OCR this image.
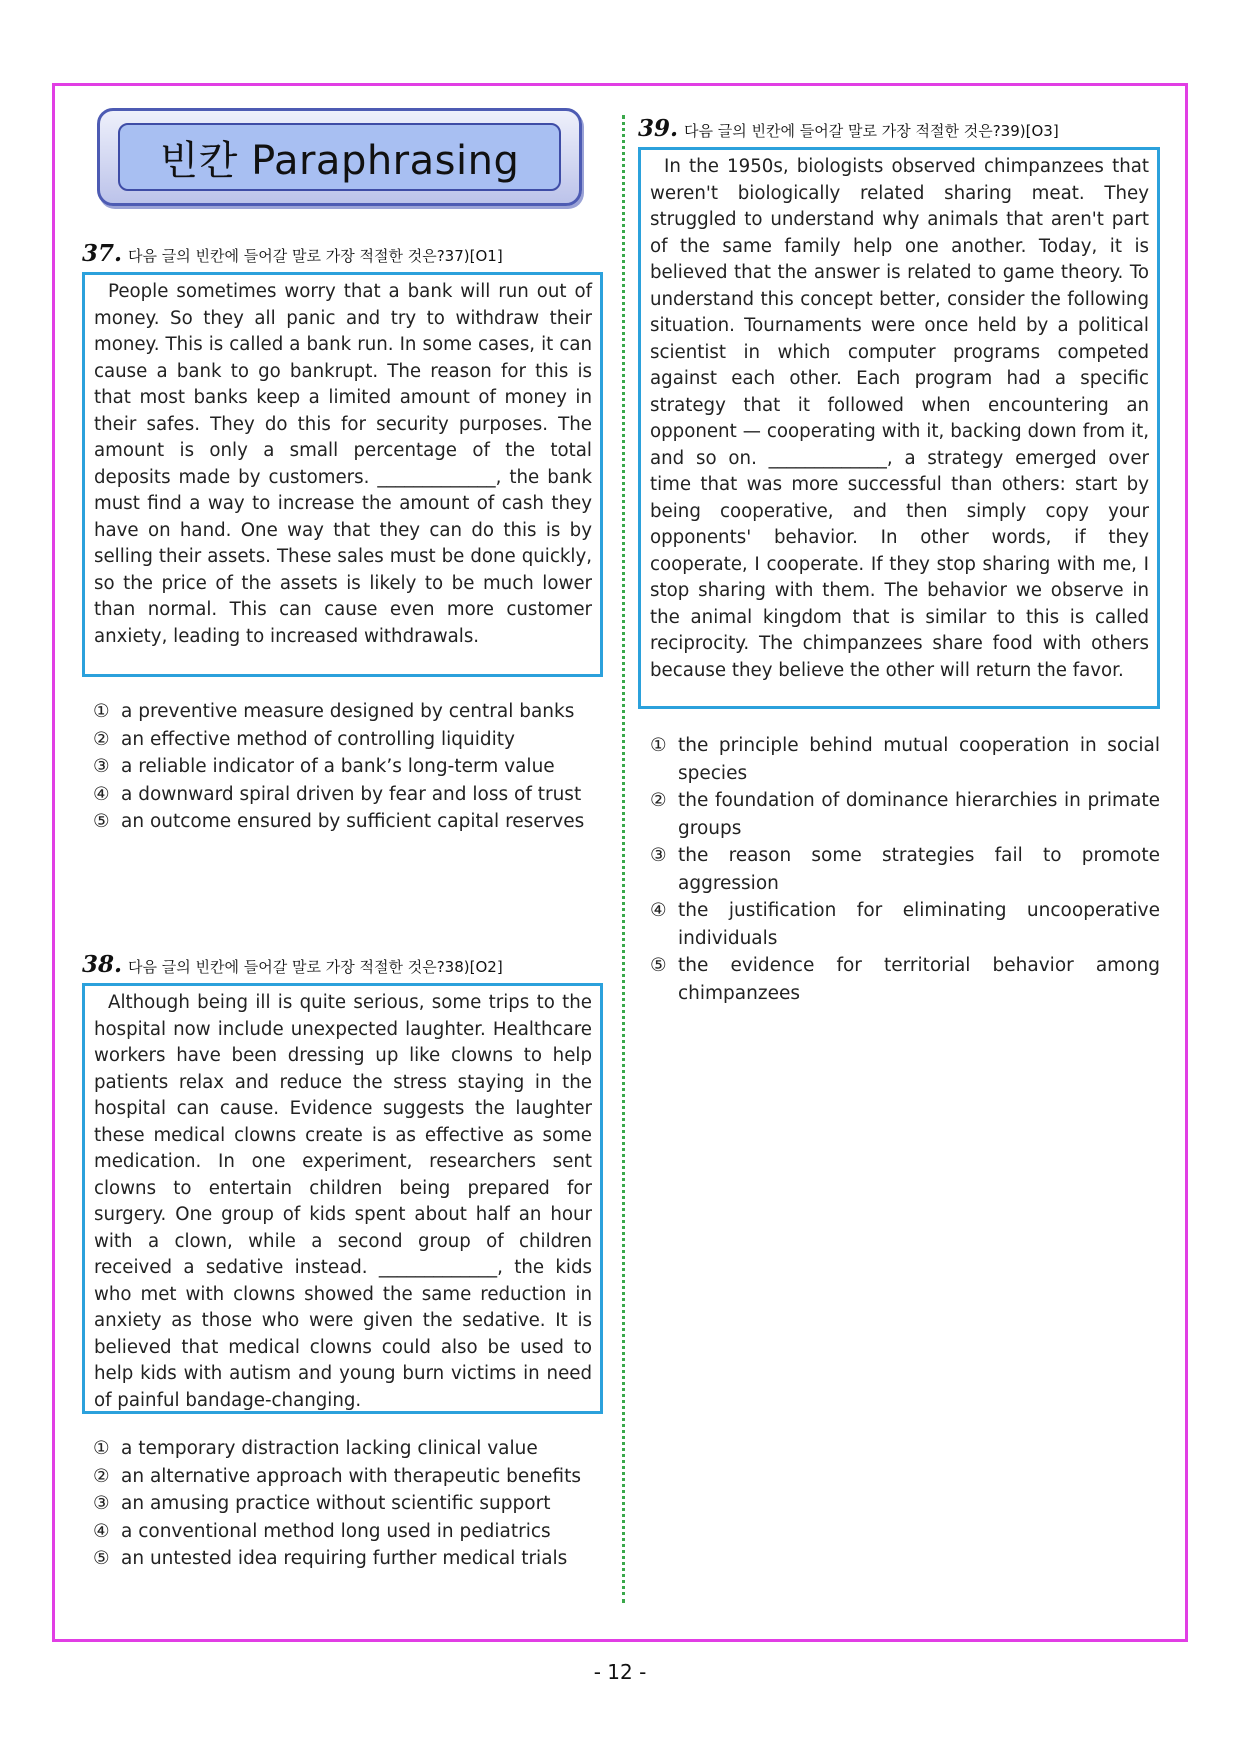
빈칸 Paraphrasing
37. 다음 글의 빈칸에 들어갈 말로 가장 적절한 것은?37)[O1]

People sometimes worry that a bank will run out of money. So they all panic and try to withdraw their money. This is called a bank run. In some cases, it can cause a bank to go bankrupt. The reason for this is that most banks keep a limited amount of money in their safes. They do this for security purposes. The amount is only a small percentage of the total deposits made by customers. _____________, the bank must find a way to increase the amount of cash they have on hand. One way that they can do this is by selling their assets. These sales must be done quickly, so the price of the assets is likely to be much lower than normal. This can cause even more customer anxiety, leading to increased withdrawals.

① a preventive measure designed by central banks
② an effective method of controlling liquidity
③ a reliable indicator of a bank’s long-term value
④ a downward spiral driven by fear and loss of trust
⑤ an outcome ensured by sufficient capital reserves
38. 다음 글의 빈칸에 들어갈 말로 가장 적절한 것은?38)[O2]

Although being ill is quite serious, some trips to the hospital now include unexpected laughter. Healthcare workers have been dressing up like clowns to help patients relax and reduce the stress staying in the hospital can cause. Evidence suggests the laughter these medical clowns create is as effective as some medication. In one experiment, researchers sent clowns to entertain children being prepared for surgery. One group of kids spent about half an hour with a clown, while a second group of children received a sedative instead. _____________, the kids who met with clowns showed the same reduction in anxiety as those who were given the sedative. It is believed that medical clowns could also be used to help kids with autism and young burn victims in need of painful bandage-changing.

① a temporary distraction lacking clinical value
② an alternative approach with therapeutic benefits
③ an amusing practice without scientific support
④ a conventional method long used in pediatrics
⑤ an untested idea requiring further medical trials
39. 다음 글의 빈칸에 들어갈 말로 가장 적절한 것은?39)[O3]

In the 1950s, biologists observed chimpanzees that weren't biologically related sharing meat. They struggled to understand why animals that aren't part of the same family help one another. Today, it is believed that the answer is related to game theory. To understand this concept better, consider the following situation. Tournaments were once held by a political scientist in which computer programs competed against each other. Each program had a specific strategy that it followed when encountering an opponent — cooperating with it, backing down from it, and so on. _____________, a strategy emerged over time that was more successful than others: start by being cooperative, and then simply copy your opponents' behavior. In other words, if they cooperate, I cooperate. If they stop sharing with me, I stop sharing with them. The behavior we observe in the animal kingdom that is similar to this is called reciprocity. The chimpanzees share food with others because they believe the other will return the favor.

① the principle behind mutual cooperation in social species
② the foundation of dominance hierarchies in primate groups
③ the reason some strategies fail to promote aggression
④ the justification for eliminating uncooperative individuals
⑤ the evidence for territorial behavior among chimpanzees
- 12 -
